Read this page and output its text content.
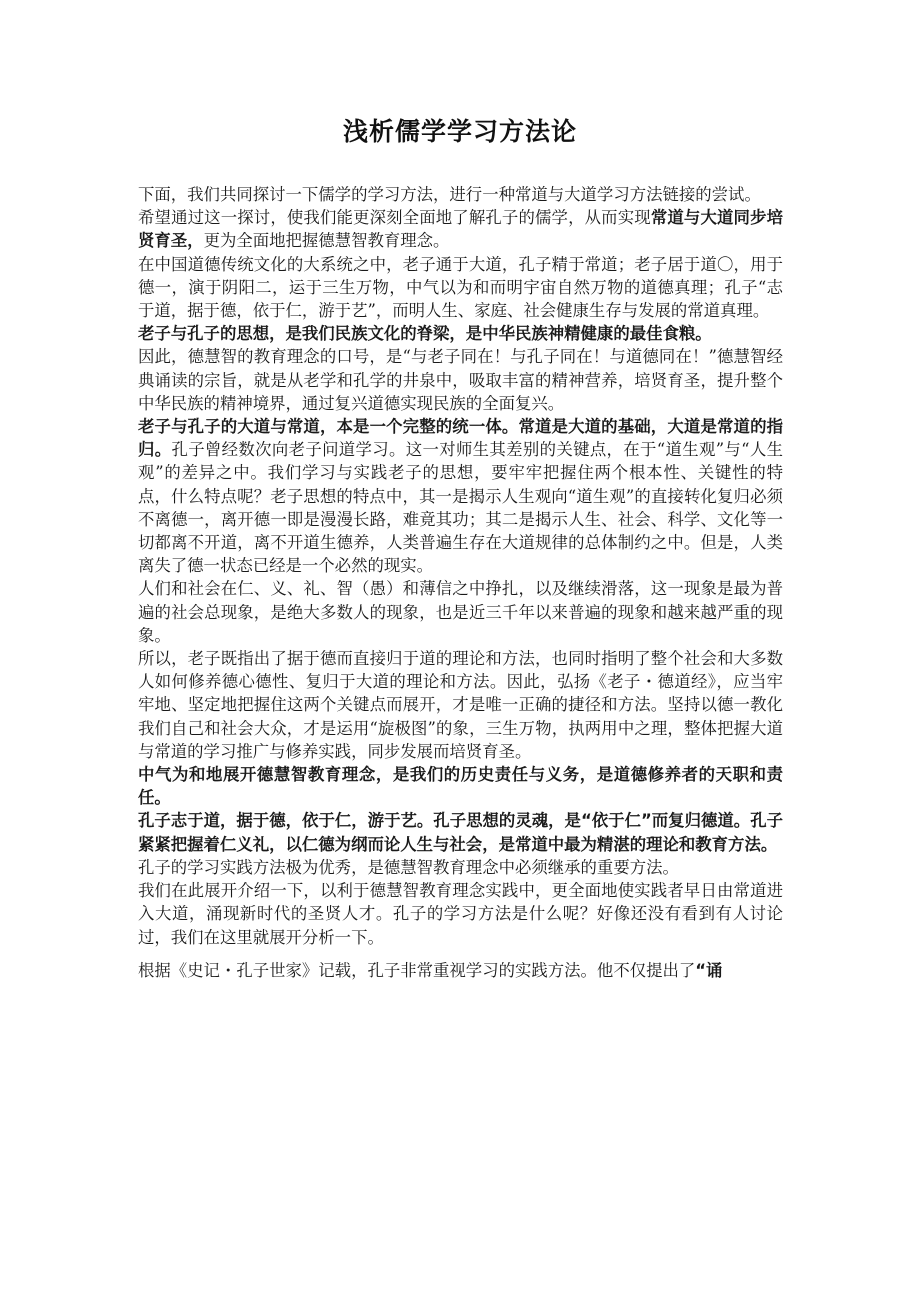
浅析儒学学习方法论

下面，我们共同探讨一下儒学的学习方法，进行一种常道与大道学习方法链接的尝试。

希望通过这一探讨，使我们能更深刻全面地了解孔子的儒学，从而实现常道与大道同步培贤育圣，更为全面地把握德慧智教育理念。

在中国道德传统文化的大系统之中，老子通于大道，孔子精于常道；老子居于道〇，用于德一，演于阴阳二，运于三生万物，中气以为和而明宇宙自然万物的道德真理；孔子“志于道，据于德，依于仁，游于艺”，而明人生、家庭、社会健康生存与发展的常道真理。

老子与孔子的思想，是我们民族文化的脊梁，是中华民族神精健康的最佳食粮。

因此，德慧智的教育理念的口号，是“与老子同在！与孔子同在！与道德同在！”德慧智经典诵读的宗旨，就是从老学和孔学的井泉中，吸取丰富的精神营养，培贤育圣，提升整个中华民族的精神境界，通过复兴道德实现民族的全面复兴。

老子与孔子的大道与常道，本是一个完整的统一体。常道是大道的基础，大道是常道的指归。孔子曾经数次向老子问道学习。这一对师生其差别的关键点，在于“道生观”与“人生观”的差异之中。我们学习与实践老子的思想，要牢牢把握住两个根本性、关键性的特点，什么特点呢？老子思想的特点中，其一是揭示人生观向“道生观”的直接转化复归必须不离德一，离开德一即是漫漫长路，难竟其功；其二是揭示人生、社会、科学、文化等一切都离不开道，离不开道生德养，人类普遍生存在大道规律的总体制约之中。但是，人类离失了德一状态已经是一个必然的现实。

人们和社会在仁、义、礼、智（愚）和薄信之中挣扎，以及继续滑落，这一现象是最为普遍的社会总现象，是绝大多数人的现象，也是近三千年以来普遍的现象和越来越严重的现象。

所以，老子既指出了据于德而直接归于道的理论和方法，也同时指明了整个社会和大多数人如何修养德心德性、复归于大道的理论和方法。因此，弘扬《老子・德道经》，应当牢牢地、坚定地把握住这两个关键点而展开，才是唯一正确的捷径和方法。坚持以德一教化我们自己和社会大众，才是运用“旋极图”的象，三生万物，执两用中之理，整体把握大道与常道的学习推广与修养实践，同步发展而培贤育圣。

中气为和地展开德慧智教育理念，是我们的历史责任与义务，是道德修养者的天职和责任。

孔子志于道，据于德，依于仁，游于艺。孔子思想的灵魂，是“依于仁”而复归德道。孔子紧紧把握着仁义礼，以仁德为纲而论人生与社会，是常道中最为精湛的理论和教育方法。

孔子的学习实践方法极为优秀，是德慧智教育理念中必须继承的重要方法。

我们在此展开介绍一下，以利于德慧智教育理念实践中，更全面地使实践者早日由常道进入大道，涌现新时代的圣贤人才。孔子的学习方法是什么呢？好像还没有看到有人讨论过，我们在这里就展开分析一下。

根据《史记・孔子世家》记载，孔子非常重视学习的实践方法。他不仅提出了“诵
